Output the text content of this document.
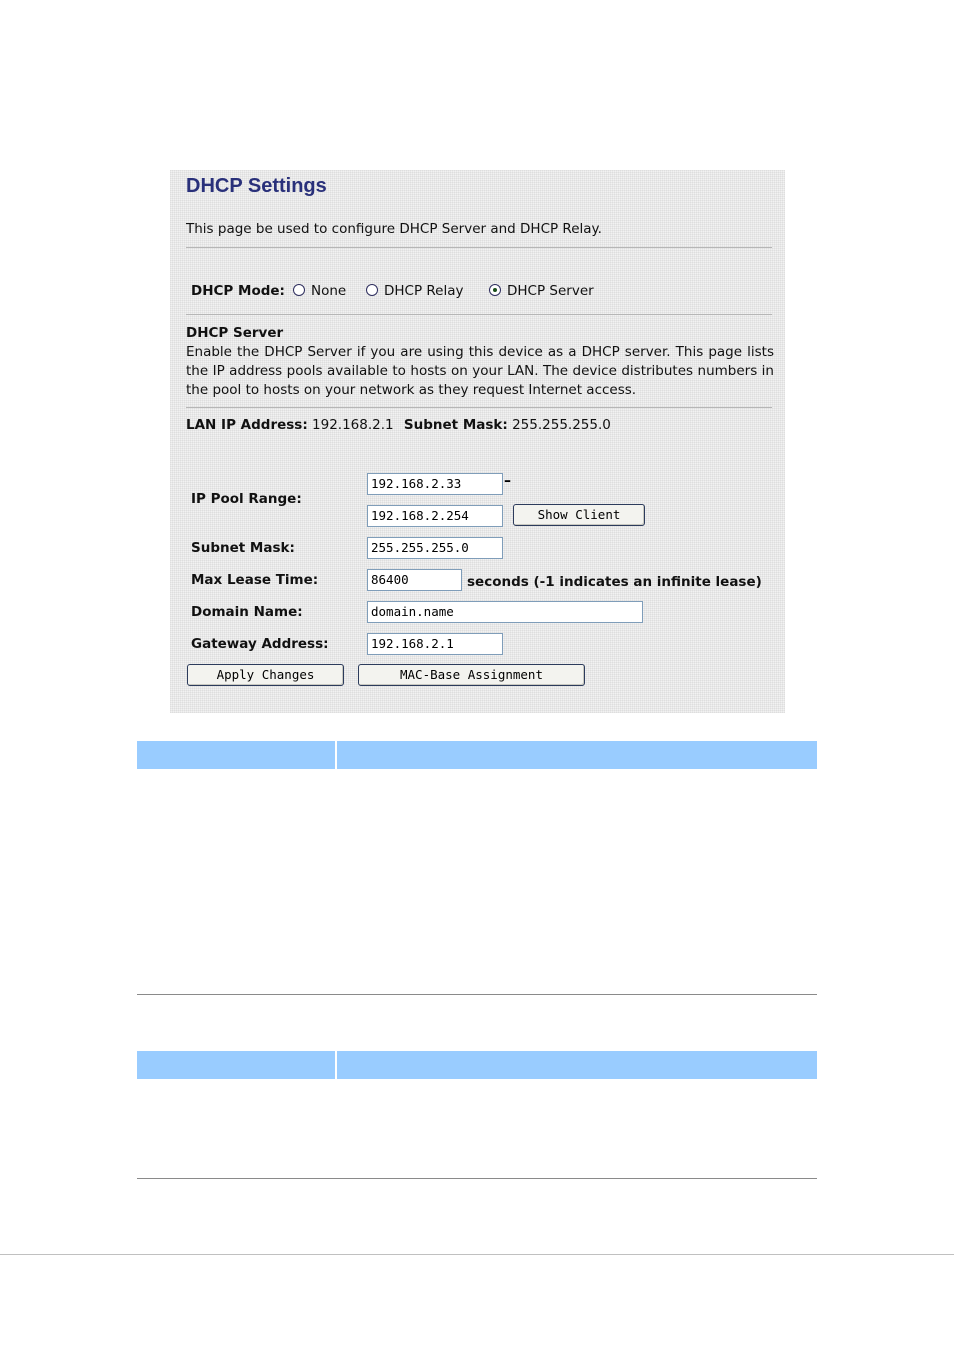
DHCP Settings
This page be used to configure DHCP Server and DHCP Relay.
DHCP Mode: None	DHCP Relay	DHCP Server
DHCP Server
Enable the DHCP Server if you are using this device as a DHCP server. This page lists the IP address pools available to hosts on your LAN. The device distributes numbers in the pool to hosts on your network as they request Internet access.
LAN IP Address: 192.168.2.1 Subnet Mask: 255.255.255.0
IP Pool Range:
192.168.2.33	–
192.168.2.254	Show Client
Subnet Mask:	255.255.255.0
Max Lease Time:	86400	seconds (-1 indicates an infinite lease)
Domain Name:	domain.name
Gateway Address:	192.168.2.1
Apply Changes	MAC-Base Assignment
